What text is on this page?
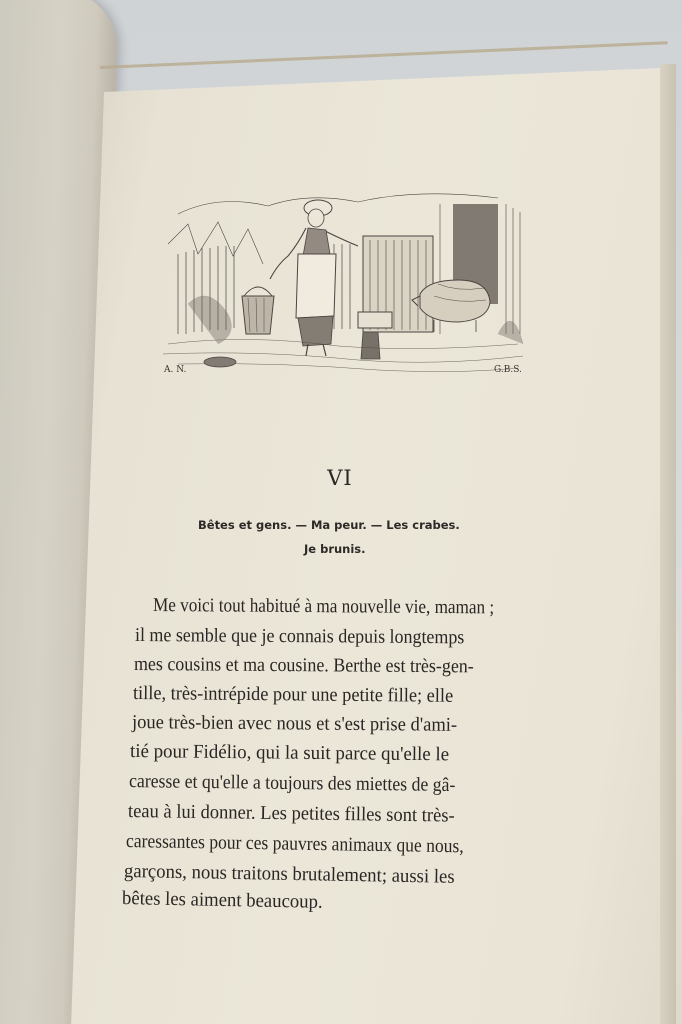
A. N.	G.B.S.
VI
Bêtes et gens. — Ma peur. — Les crabes.
Je brunis.
Me voici tout habitué à ma nouvelle vie, maman ;
il me semble que je connais depuis longtemps
mes cousins et ma cousine. Berthe est très-gen-
tille, très-intrépide pour une petite fille; elle
joue très-bien avec nous et s'est prise d'ami-
tié pour Fidélio, qui la suit parce qu'elle le
caresse et qu'elle a toujours des miettes de gâ-
teau à lui donner. Les petites filles sont très-
caressantes pour ces pauvres animaux que nous,
garçons, nous traitons brutalement; aussi les
bêtes les aiment beaucoup.
